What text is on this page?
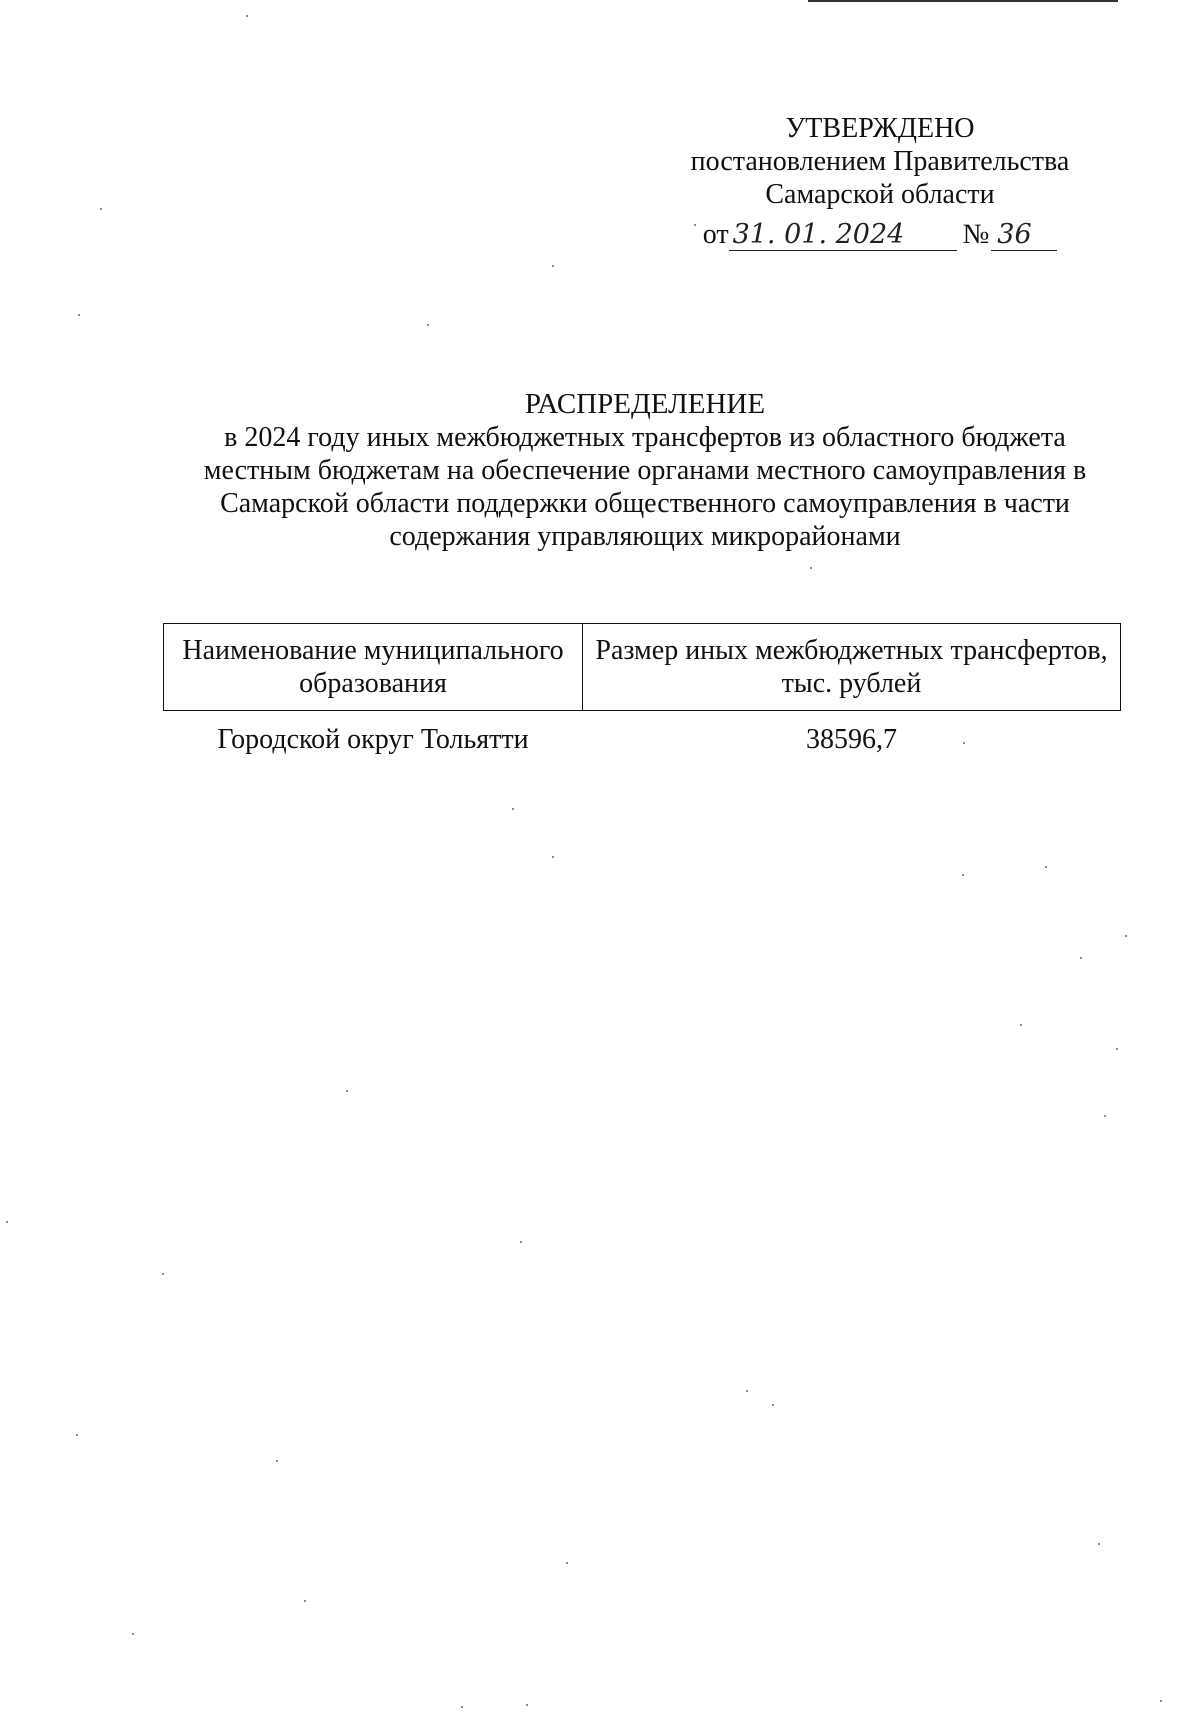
УТВЕРЖДЕНО
постановлением Правительства
Самарской области
от 31. 01. 2024	№ 36
РАСПРЕДЕЛЕНИЕ
в 2024 году иных межбюджетных трансфертов из областного бюджета
местным бюджетам на обеспечение органами местного самоуправления в
Самарской области поддержки общественного самоуправления в части
содержания управляющих микрорайонами
Наименование муниципального образования	Размер иных межбюджетных трансфертов, тыс. рублей
Городской округ Тольятти	38596,7
